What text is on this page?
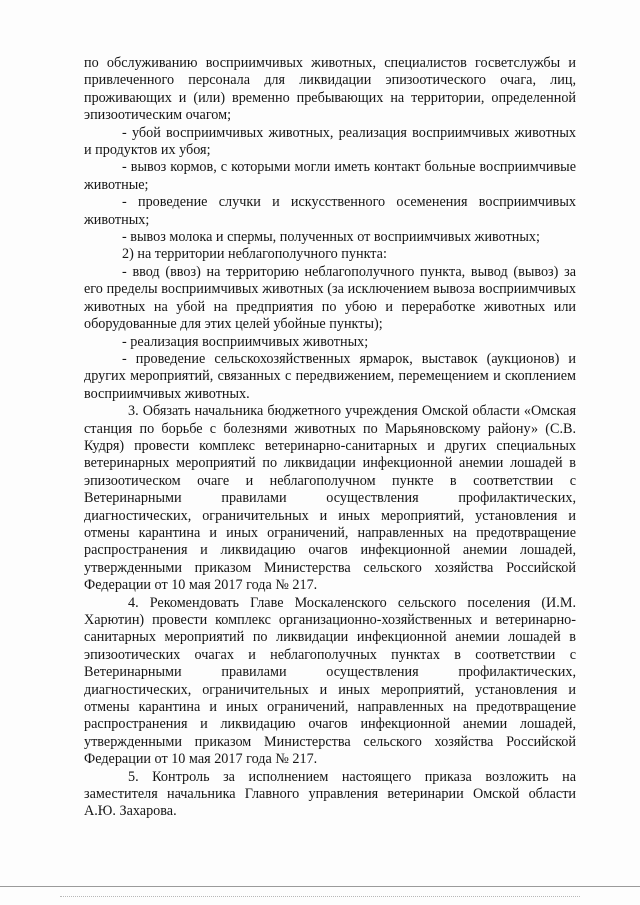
по обслуживанию восприимчивых животных, специалистов госветслужбы и привлеченного персонала для ликвидации эпизоотического очага, лиц, проживающих и (или) временно пребывающих на территории, определенной эпизоотическим очагом;

- убой восприимчивых животных, реализация восприимчивых животных и продуктов их убоя;

- вывоз кормов, с которыми могли иметь контакт больные восприимчивые животные;

- проведение случки и искусственного осеменения восприимчивых животных;

- вывоз молока и спермы, полученных от восприимчивых животных;

2) на территории неблагополучного пункта:

- ввод (ввоз) на территорию неблагополучного пункта, вывод (вывоз) за его пределы восприимчивых животных (за исключением вывоза восприимчивых животных на убой на предприятия по убою и переработке животных или оборудованные для этих целей убойные пункты);

- реализация восприимчивых животных;

- проведение сельскохозяйственных ярмарок, выставок (аукционов) и других мероприятий, связанных с передвижением, перемещением и скоплением восприимчивых животных.

3. Обязать начальника бюджетного учреждения Омской области «Омская станция по борьбе с болезнями животных по Марьяновскому району» (С.В. Кудря) провести комплекс ветеринарно-санитарных и других специальных ветеринарных мероприятий по ликвидации инфекционной анемии лошадей в эпизоотическом очаге и неблагополучном пункте в соответствии с Ветеринарными правилами осуществления профилактических, диагностических, ограничительных и иных мероприятий, установления и отмены карантина и иных ограничений, направленных на предотвращение распространения и ликвидацию очагов инфекционной анемии лошадей, утвержденными приказом Министерства сельского хозяйства Российской Федерации от 10 мая 2017 года № 217.

4. Рекомендовать Главе Москаленского сельского поселения (И.М. Харютин) провести комплекс организационно-хозяйственных и ветеринарно-санитарных мероприятий по ликвидации инфекционной анемии лошадей в эпизоотических очагах и неблагополучных пунктах в соответствии с Ветеринарными правилами осуществления профилактических, диагностических, ограничительных и иных мероприятий, установления и отмены карантина и иных ограничений, направленных на предотвращение распространения и ликвидацию очагов инфекционной анемии лошадей, утвержденными приказом Министерства сельского хозяйства Российской Федерации от 10 мая 2017 года № 217.

5. Контроль за исполнением настоящего приказа возложить на заместителя начальника Главного управления ветеринарии Омской области А.Ю. Захарова.
